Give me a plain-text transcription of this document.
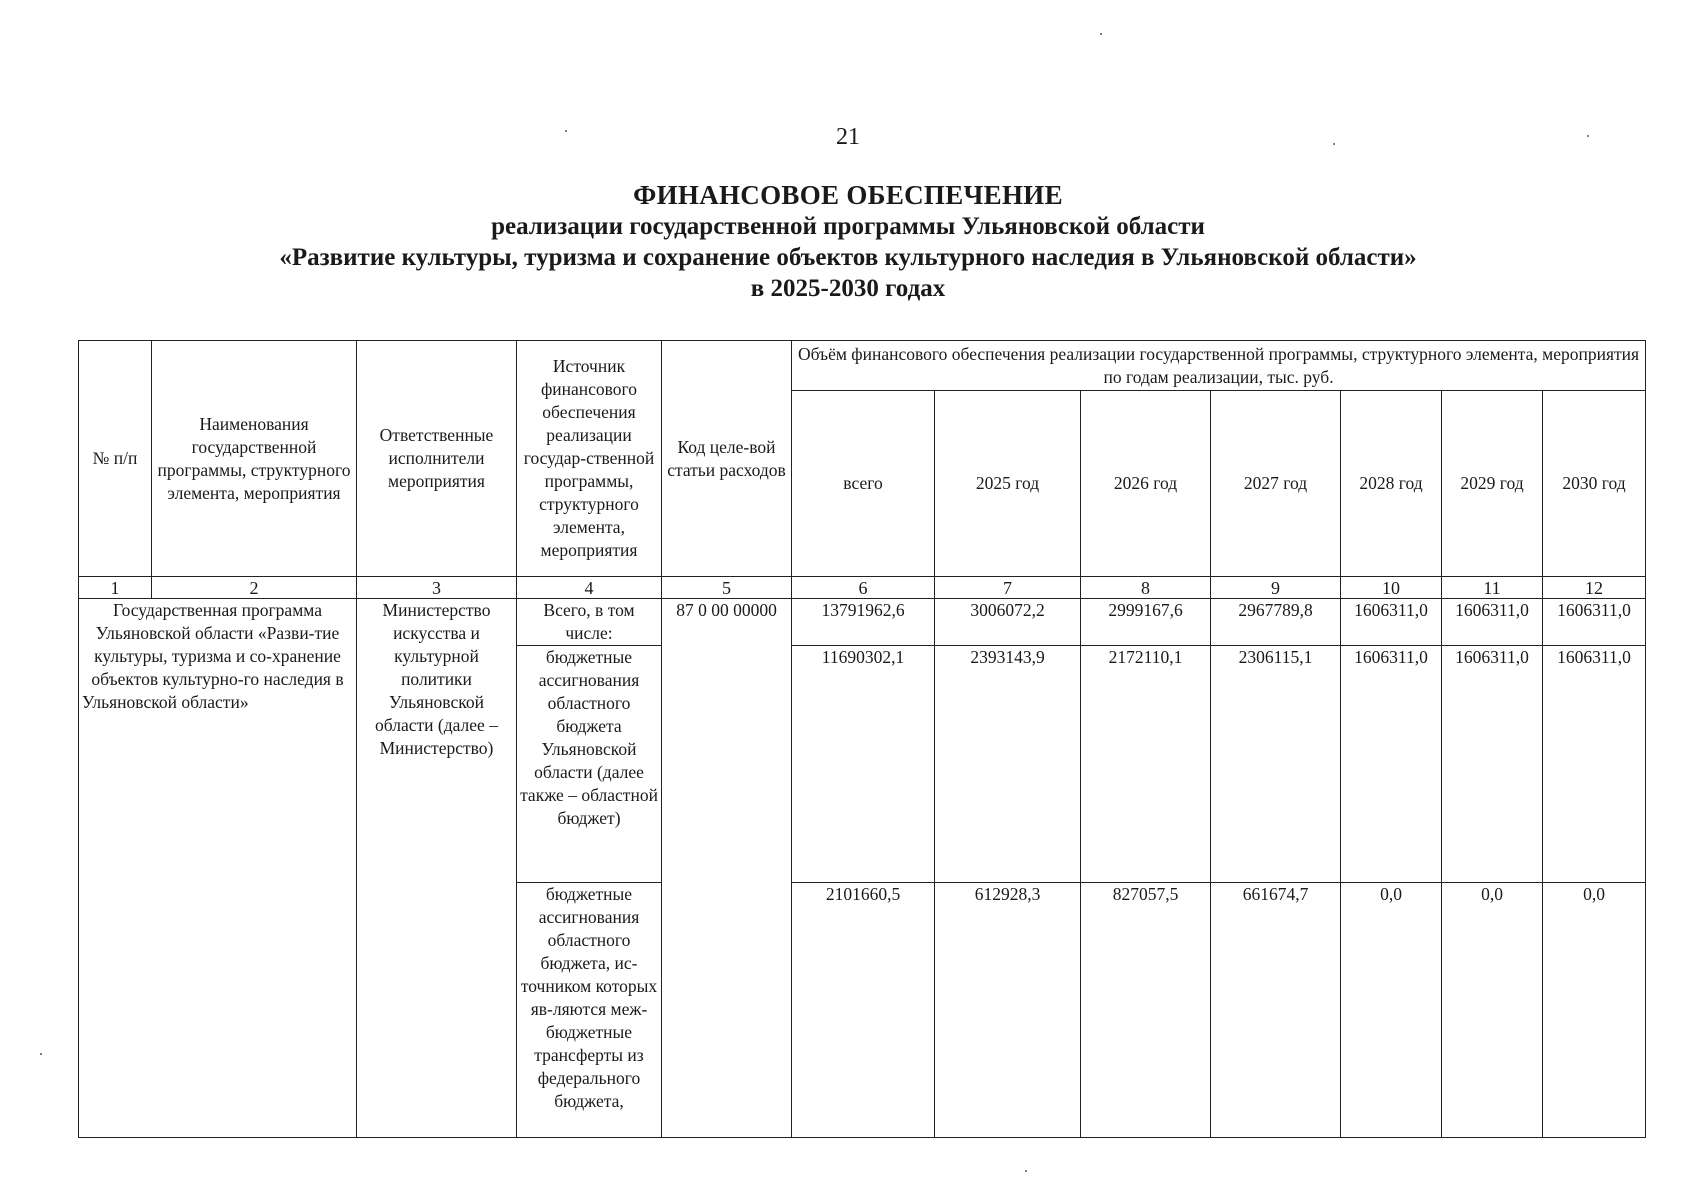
21
ФИНАНСОВОЕ ОБЕСПЕЧЕНИЕ
реализации государственной программы Ульяновской области
«Развитие культуры, туризма и сохранение объектов культурного наследия в Ульяновской области»
в 2025-2030 годах
№ п/п	Наименования государственной программы, структурного элемента, мероприятия	Ответственные исполнители мероприятия	Источник финансового обеспечения реализации государ-ственной программы, структурного элемента, мероприятия	Код целе-вой статьи расходов	Объём финансового обеспечения реализации государственной программы, структурного элемента, мероприятия по годам реализации, тыс. руб.						
					всего	2025 год	2026 год	2027 год	2028 год	2029 год	2030 год
1	2	3	4	5	6	7	8	9	10	11	12
Государственная программа Ульяновской области «Разви-тие культуры, туризма и со-хранение объектов культурно-го наследия в Ульяновской области»		Министерство искусства и культурной политики Ульяновской области (далее – Министерство)	Всего, в том числе:	87 0 00 00000	13791962,6	3006072,2	2999167,6	2967789,8	1606311,0	1606311,0	1606311,0
			бюджетные ассигнования областного бюджета Ульяновской области (далее также – областной бюджет)		11690302,1	2393143,9	2172110,1	2306115,1	1606311,0	1606311,0	1606311,0
			бюджетные ассигнования областного бюджета, ис-точником которых яв-ляются меж-бюджетные трансферты из федерального бюджета,		2101660,5	612928,3	827057,5	661674,7	0,0	0,0	0,0
